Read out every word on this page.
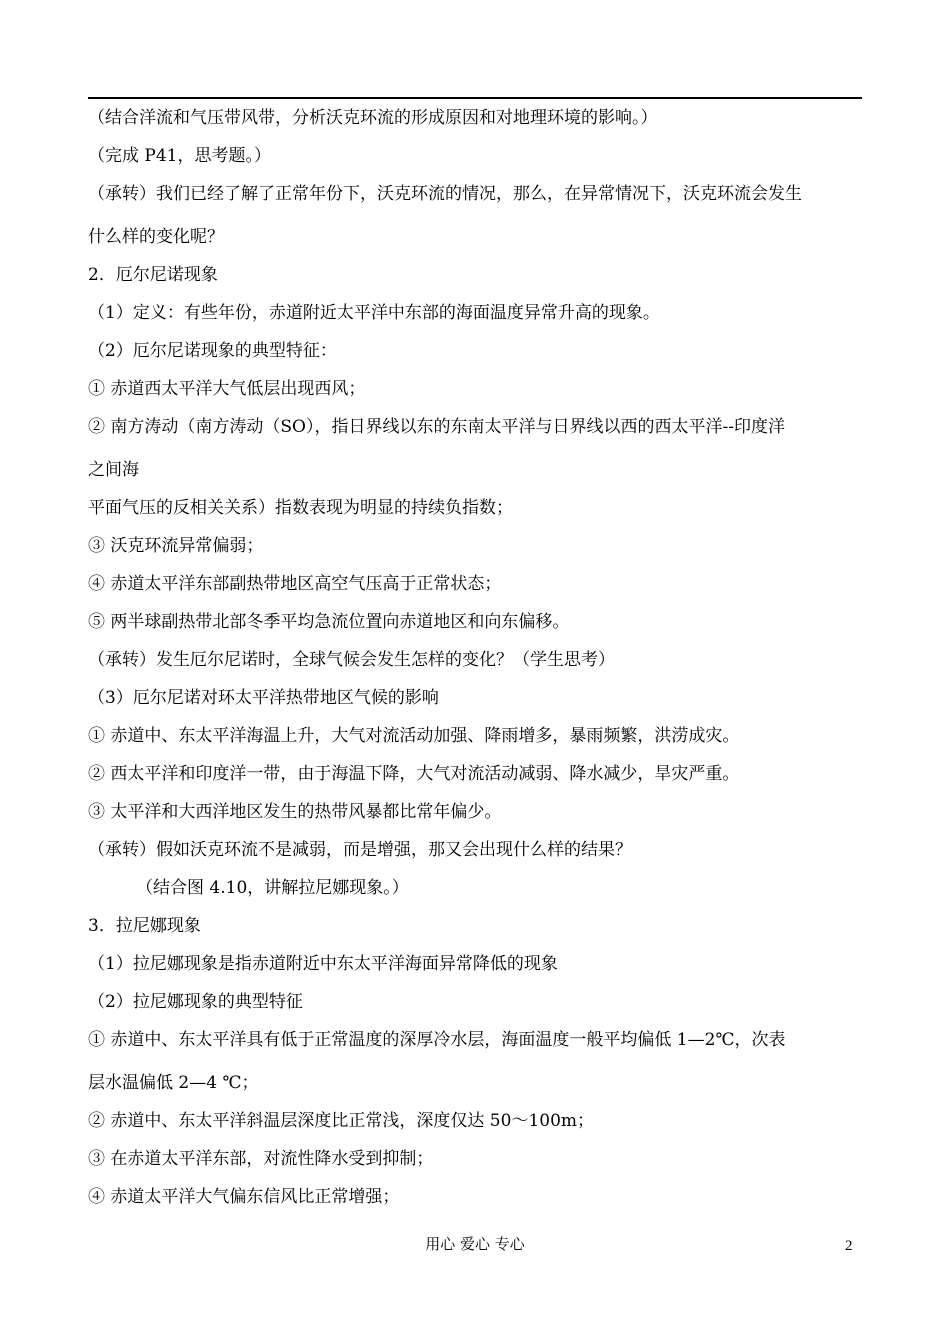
（结合洋流和气压带风带，分析沃克环流的形成原因和对地理环境的影响。）
（完成 P41，思考题。）
（承转）我们已经了解了正常年份下，沃克环流的情况，那么，在异常情况下，沃克环流会发生
什么样的变化呢？
2．厄尔尼诺现象
（1）定义：有些年份，赤道附近太平洋中东部的海面温度异常升高的现象。
（2）厄尔尼诺现象的典型特征：
① 赤道西太平洋大气低层出现西风；
② 南方涛动（南方涛动（SO），指日界线以东的东南太平洋与日界线以西的西太平洋--印度洋
之间海
平面气压的反相关关系）指数表现为明显的持续负指数；
③ 沃克环流异常偏弱；
④ 赤道太平洋东部副热带地区高空气压高于正常状态；
⑤ 两半球副热带北部冬季平均急流位置向赤道地区和向东偏移。
（承转）发生厄尔尼诺时，全球气候会发生怎样的变化？（学生思考）
（3）厄尔尼诺对环太平洋热带地区气候的影响
① 赤道中、东太平洋海温上升，大气对流活动加强、降雨增多，暴雨频繁，洪涝成灾。
② 西太平洋和印度洋一带，由于海温下降，大气对流活动减弱、降水减少，旱灾严重。
③ 太平洋和大西洋地区发生的热带风暴都比常年偏少。
（承转）假如沃克环流不是减弱，而是增强，那又会出现什么样的结果？
（结合图 4.10，讲解拉尼娜现象。）
3．拉尼娜现象
（1）拉尼娜现象是指赤道附近中东太平洋海面异常降低的现象
（2）拉尼娜现象的典型特征
① 赤道中、东太平洋具有低于正常温度的深厚冷水层，海面温度一般平均偏低 1—2℃，次表
层水温偏低 2—4 ℃；
② 赤道中、东太平洋斜温层深度比正常浅，深度仅达 50～100m；
③ 在赤道太平洋东部，对流性降水受到抑制；
④ 赤道太平洋大气偏东信风比正常增强；
用心 爱心 专心	2
